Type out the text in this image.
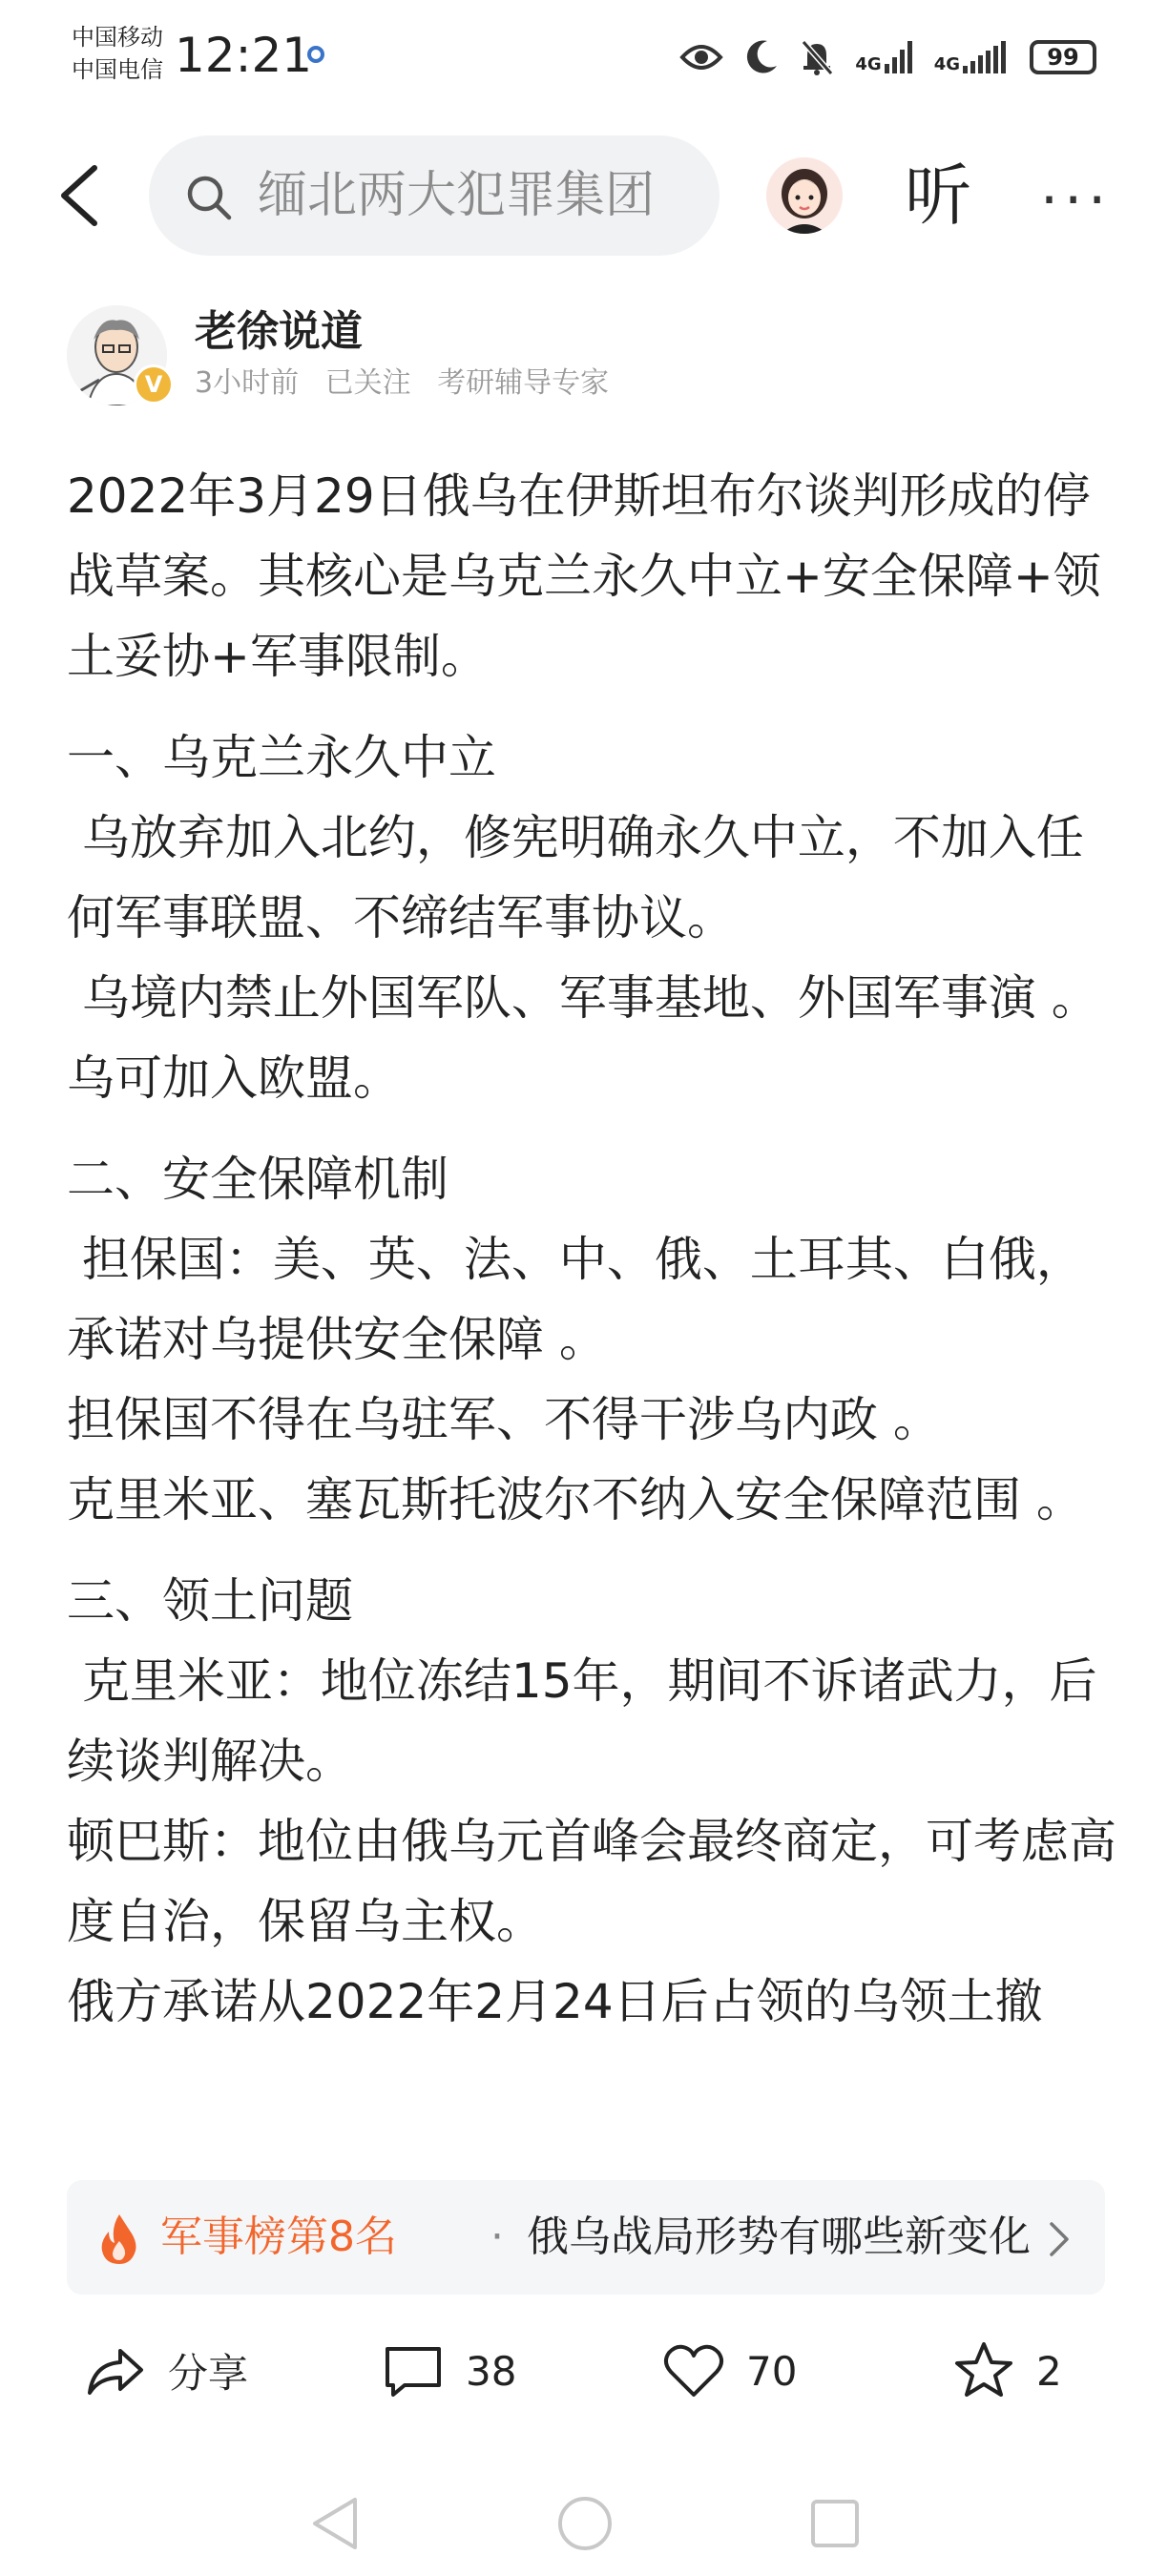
中国移动
中国电信 12:21	4G	4G	99
缅北两大犯罪集团	听 ···
V
老徐说道
3小时前 已关注 考研辅导专家
2022年3月29日俄乌在伊斯坦布尔谈判形成的停战草案。其核心是乌克兰永久中立+安全保障+领土妥协+军事限制。
一、乌克兰永久中立
乌放弃加入北约，修宪明确永久中立，不加入任何军事联盟、不缔结军事协议。
乌境内禁止外国军队、军事基地、外国军事演 。
乌可加入欧盟。
二、安全保障机制
担保国：美、英、法、中、俄、土耳其、白俄，承诺对乌提供安全保障 。
担保国不得在乌驻军、不得干涉乌内政 。
克里米亚、塞瓦斯托波尔不纳入安全保障范围 。
三、领土问题
克里米亚：地位冻结15年，期间不诉诸武力，后续谈判解决。
顿巴斯：地位由俄乌元首峰会最终商定，可考虑高度自治，保留乌主权。
俄方承诺从2022年2月24日后占领的乌领土撤
军事榜第8名 · 俄乌战局形势有哪些新变化
分享	38	70	2
